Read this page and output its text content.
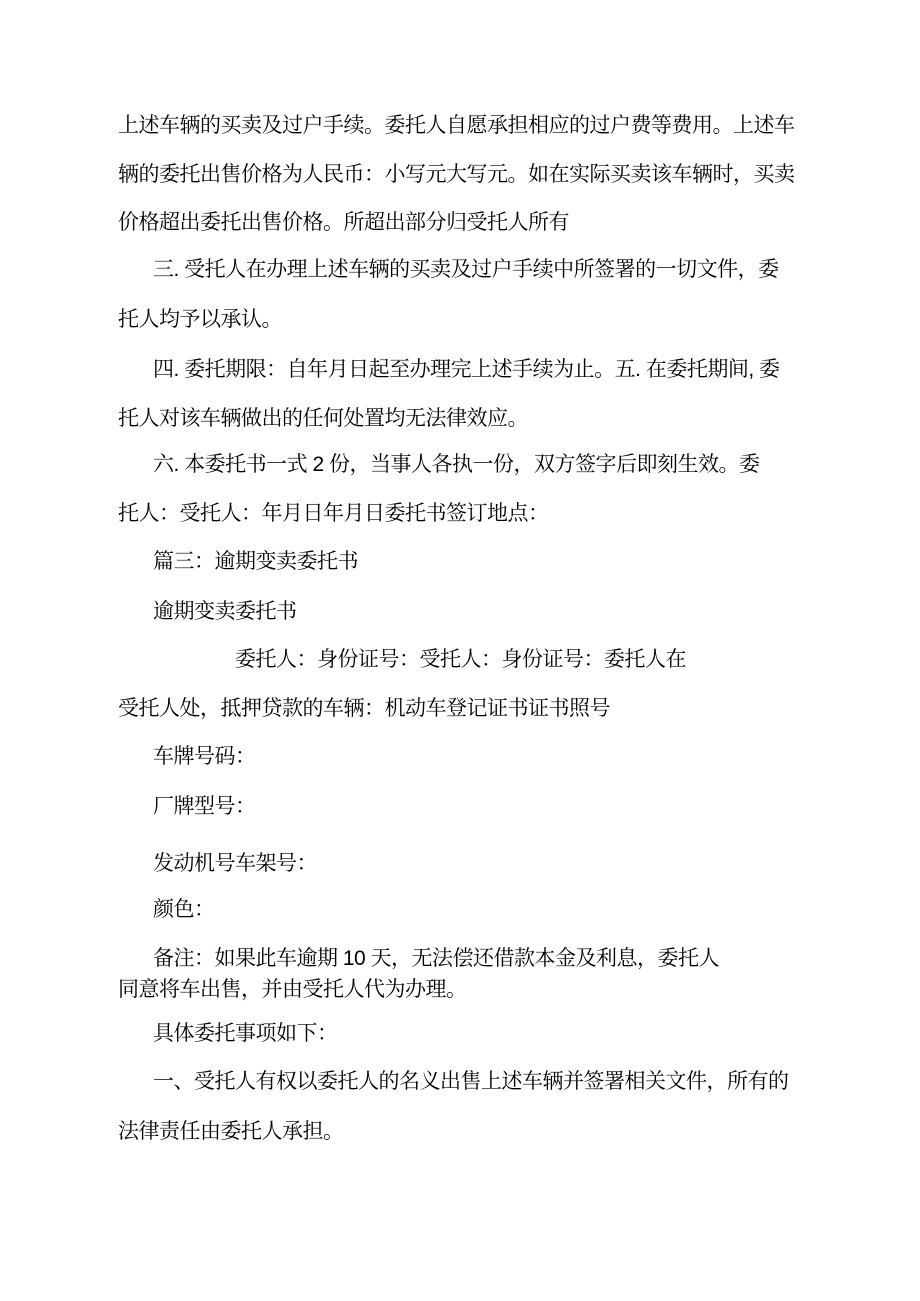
上述车辆的买卖及过户手续。委托人自愿承担相应的过户费等费用。上述车
辆的委托出售价格为人民币：小写元大写元。如在实际买卖该车辆时，买卖
价格超出委托出售价格。所超出部分归受托人所有
三. 受托人在办理上述车辆的买卖及过户手续中所签署的一切文件，委
托人均予以承认。
四. 委托期限：自年月日起至办理完上述手续为止。五. 在委托期间, 委
托人对该车辆做出的任何处置均无法律效应。
六. 本委托书一式 2 份，当事人各执一份，双方签字后即刻生效。委
托人：受托人：年月日年月日委托书签订地点：
篇三：逾期变卖委托书
逾期变卖委托书
委托人：身份证号：受托人：身份证号：委托人在
受托人处，抵押贷款的车辆：机动车登记证书证书照号
车牌号码：
厂牌型号：
发动机号车架号：
颜色：
备注：如果此车逾期 10 天，无法偿还借款本金及利息，委托人
同意将车出售，并由受托人代为办理。
具体委托事项如下：
一、受托人有权以委托人的名义出售上述车辆并签署相关文件，所有的
法律责任由委托人承担。
